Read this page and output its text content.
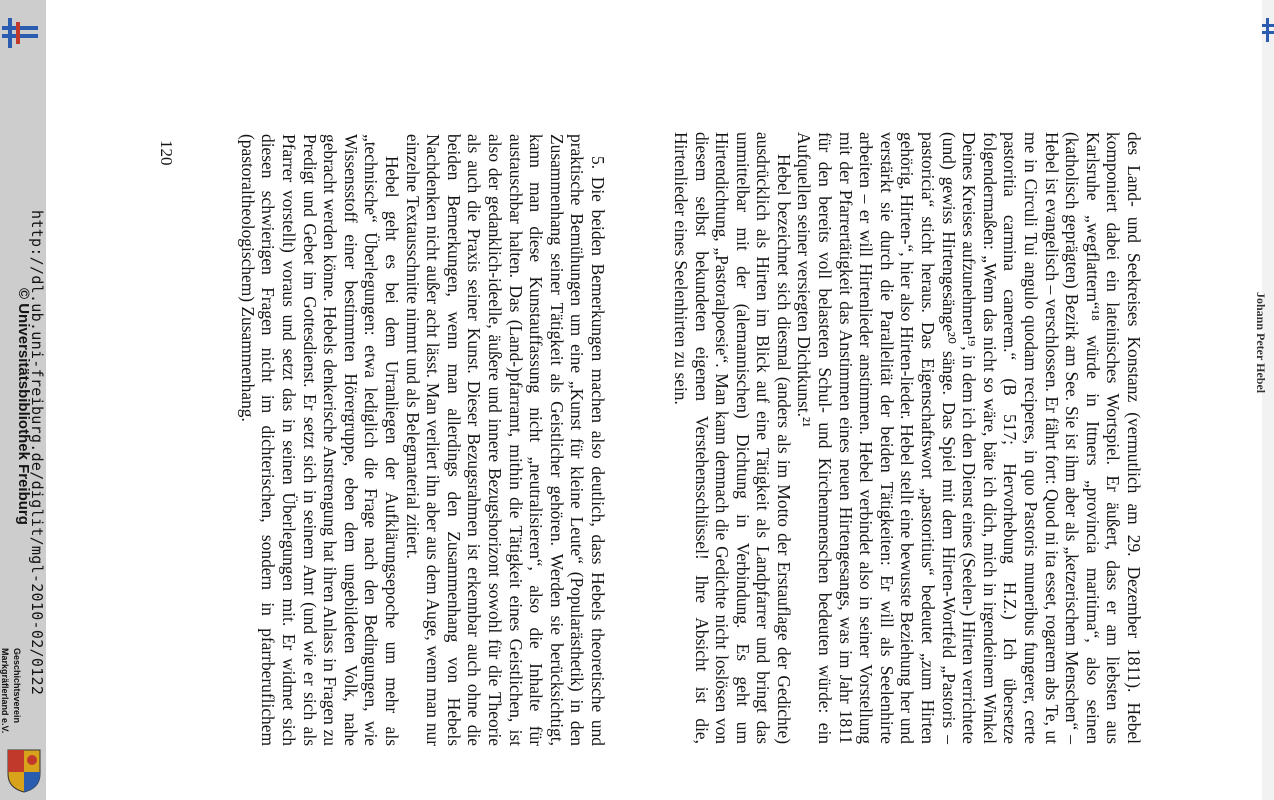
Geschichtsverein
Markgräflerland e.V. http://dl.ub.uni-freiburg.de/diglit/mgl-2010-02/0122
© Universitätsbibliothek Freiburg
120	des Land- und Seekreises Konstanz (vermutlich am 29. Dezember 1811). Hebel komponiert dabei ein lateinisches Wortspiel. Er äußert, dass er am liebsten aus Karlsruhe „wegflattern“¹⁸ würde in Ittners „provincia maritima“, also seinen (katholisch geprägten) Bezirk am See. Sie ist ihm aber als „ketzerischem Menschen“ – Hebel ist evangelisch – verschlossen. Er fährt fort: Quod ni ita esset, rogarem abs Te, ut me in Circuli Tui angulo quodam reciperes, in quo Pastoris muneribus fungerer, certe pastoritia carmina canerem.“ (B 517; Hervorhebung H.Z.) Ich übersetze folgendermaßen: „Wenn das nicht so wäre, bäte ich dich, mich in irgendeinem Winkel Deines Kreises aufzunehmen¹⁹, in dem ich den Dienst eines (Seelen-) Hirten verrichtete (und) gewiss Hirtengesänge²⁰ sänge. Das Spiel mit dem Hirten-Wortfeld „Pastoris – pastoricia“ sticht heraus. Das Eigenschaftswort „pastoritius“ bedeutet „zum Hirten gehörig, Hirten-“, hier also Hirten-lieder. Hebel stellt eine bewusste Beziehung her und verstärkt sie durch die Parallelität der beiden Tätigkeiten: Er will als Seelenhirte arbeiten – er will Hirtenlieder anstimmen. Hebel verbindet also in seiner Vorstellung mit der Pfarrertätigkeit das Anstimmen eines neuen Hirtengesangs, was im Jahr 1811 für den bereits voll belasteten Schul- und Kirchenmenschen bedeuten würde: ein Aufquellen seiner versiegten Dichtkunst.²¹

Hebel bezeichnet sich diesmal (anders als im Motto der Erstauflage der Gedichte) ausdrücklich als Hirten im Blick auf eine Tätigkeit als Landpfarrer und bringt das unmittelbar mit der (alemannischen) Dichtung in Verbindung. Es geht um Hirtendichtung, „Pastoralpoesie“. Man kann demnach die Gedichte nicht loslösen von diesem selbst bekundeten eigenen Verstehensschlüssel! Ihre Absicht ist die, Hirtenlieder eines Seelenhirten zu sein.

5. Die beiden Bemerkungen machen also deutlich, dass Hebels theoretische und praktische Bemühungen um eine „Kunst für kleine Leute“ (Popularästhetik) in den Zusammenhang seiner Tätigkeit als Geistlicher gehören. Werden sie berücksichtigt, kann man diese Kunstauffassung nicht „neutralisieren“, also die Inhalte für austauschbar halten. Das (Land-)pfarramt, mithin die Tätigkeit eines Geistlichen, ist also der gedanklich-ideelle, äußere und innere Bezugshorizont sowohl für die Theorie als auch die Praxis seiner Kunst. Dieser Bezugsrahmen ist erkennbar auch ohne die beiden Bemerkungen, wenn man allerdings den Zusammenhang von Hebels Nachdenken nicht außer acht lässt. Man verliert ihn aber aus dem Auge, wenn man nur einzelne Textausschnitte nimmt und als Belegmaterial zitiert.

Hebel geht es bei dem Urranliegen der Aufklärungsepoche um mehr als „technische“ Überlegungen: etwa lediglich die Frage nach den Bedingungen, wie Wissensstoff einer bestimmten Hörergruppe, eben dem ungebildeten Volk, nahe gebracht werden könne. Hebels denkerische Anstrengung hat ihren Anlass in Fragen zu Predigt und Gebet im Gottesdienst. Er setzt sich in seinem Amt (und wie er sich als Pfarrer vorstellt) voraus und setzt das in seinen Überlegungen mit. Er widmet sich diesen schwierigen Fragen nicht im dichterischen, sondern in pfarrberuflichem (pastoraltheologischem) Zusammenhang.	Johann Peter Hebel
